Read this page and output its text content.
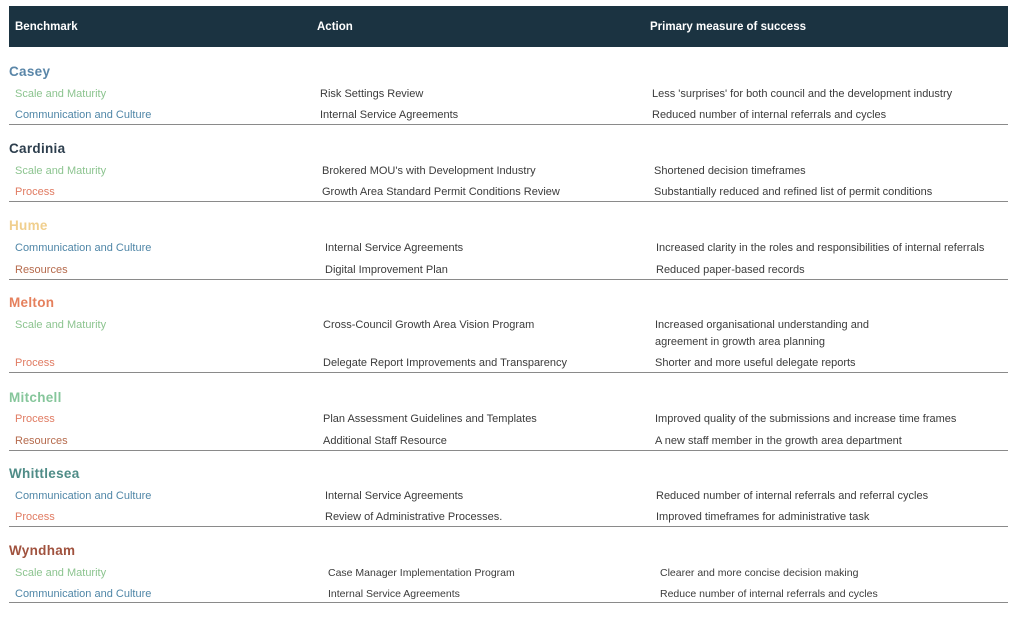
Benchmark	Action	Primary measure of success
Casey
Scale and Maturity	Risk Settings Review	Less 'surprises' for both council and the development industry
Communication and Culture	Internal Service Agreements	Reduced number of internal referrals and cycles
Cardinia
Scale and Maturity	Brokered MOU's with Development Industry	Shortened decision timeframes
Process	Growth Area Standard Permit Conditions Review	Substantially reduced and refined list of permit conditions
Hume
Communication and Culture	Internal Service Agreements	Increased clarity in the roles and responsibilities of internal referrals
Resources	Digital Improvement Plan	Reduced paper-based records
Melton
Scale and Maturity	Cross-Council Growth Area Vision Program	Increased organisational understanding and
agreement in growth area planning
Process	Delegate Report Improvements and Transparency	Shorter and more useful delegate reports
Mitchell
Process	Plan Assessment Guidelines and Templates	Improved quality of the submissions and increase time frames
Resources	Additional Staff Resource	A new staff member in the growth area department
Whittlesea
Communication and Culture	Internal Service Agreements	Reduced number of internal referrals and referral cycles
Process	Review of Administrative Processes.	Improved timeframes for administrative task
Wyndham
Scale and Maturity	Case Manager Implementation Program	Clearer and more concise decision making
Communication and Culture	Internal Service Agreements	Reduce number of internal referrals and cycles
